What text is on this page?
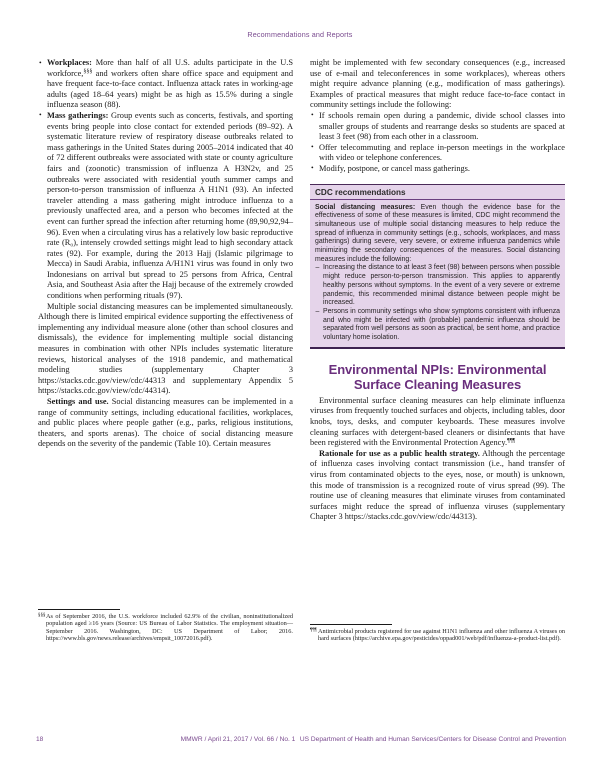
Recommendations and Reports
• Workplaces: More than half of all U.S. adults participate in the U.S workforce,§§§ and workers often share office space and equipment and have frequent face-to-face contact. Influenza attack rates in working-age adults (aged 18–64 years) might be as high as 15.5% during a single influenza season (88).
• Mass gatherings: Group events such as concerts, festivals, and sporting events bring people into close contact for extended periods (89–92). A systematic literature review of respiratory disease outbreaks related to mass gatherings in the United States during 2005–2014 indicated that 40 of 72 different outbreaks were associated with state or county agriculture fairs and (zoonotic) transmission of influenza A H3N2v, and 25 outbreaks were associated with residential youth summer camps and person-to-person transmission of influenza A H1N1 (93). An infected traveler attending a mass gathering might introduce influenza to a previously unaffected area, and a person who becomes infected at the event can further spread the infection after returning home (89,90,92,94–96). Even when a circulating virus has a relatively low basic reproductive rate (R₀), intensely crowded settings might lead to high secondary attack rates (92). For example, during the 2013 Hajj (Islamic pilgrimage to Mecca) in Saudi Arabia, influenza A/H1N1 virus was found in only two Indonesians on arrival but spread to 25 persons from Africa, Central Asia, and Southeast Asia after the Hajj because of the extremely crowded conditions when performing rituals (97).

Multiple social distancing measures can be implemented simultaneously. Although there is limited empirical evidence supporting the effectiveness of implementing any individual measure alone (other than school closures and dismissals), the evidence for implementing multiple social distancing measures in combination with other NPIs includes systematic literature reviews, historical analyses of the 1918 pandemic, and mathematical modeling studies (supplementary Chapter 3 https://stacks.cdc.gov/view/cdc/44313 and supplementary Appendix 5 https://stacks.cdc.gov/view/cdc/44314).

Settings and use. Social distancing measures can be implemented in a range of community settings, including educational facilities, workplaces, and public places where people gather (e.g., parks, religious institutions, theaters, and sports arenas). The choice of social distancing measure depends on the severity of the pandemic (Table 10). Certain measures

§§§ As of September 2016, the U.S. workforce included 62.9% of the civilian, noninstitutionalized population aged ≥16 years (Source: US Bureau of Labor Statistics. The employment situation—September 2016. Washington, DC: US Department of Labor; 2016. https://www.bls.gov/news.release/archives/empsit_10072016.pdf).

might be implemented with few secondary consequences (e.g., increased use of e-mail and teleconferences in some workplaces), whereas others might require advance planning (e.g., modification of mass gatherings). Examples of practical measures that might reduce face-to-face contact in community settings include the following:

• If schools remain open during a pandemic, divide school classes into smaller groups of students and rearrange desks so students are spaced at least 3 feet (98) from each other in a classroom.
• Offer telecommuting and replace in-person meetings in the workplace with video or telephone conferences.
• Modify, postpone, or cancel mass gatherings.
CDC recommendations

Social distancing measures: Even though the evidence base for the effectiveness of some of these measures is limited, CDC might recommend the simultaneous use of multiple social distancing measures to help reduce the spread of influenza in community settings (e.g., schools, workplaces, and mass gatherings) during severe, very severe, or extreme influenza pandemics while minimizing the secondary consequences of the measures. Social distancing measures include the following:

– Increasing the distance to at least 3 feet (98) between persons when possible might reduce person-to-person transmission. This applies to apparently healthy persons without symptoms. In the event of a very severe or extreme pandemic, this recommended minimal distance between people might be increased.
– Persons in community settings who show symptoms consistent with influenza and who might be infected with (probable) pandemic influenza should be separated from well persons as soon as practical, be sent home, and practice voluntary home isolation.
Environmental NPIs: Environmental
Surface Cleaning Measures

Environmental surface cleaning measures can help eliminate influenza viruses from frequently touched surfaces and objects, including tables, door knobs, toys, desks, and computer keyboards. These measures involve cleaning surfaces with detergent-based cleaners or disinfectants that have been registered with the Environmental Protection Agency.¶¶¶

Rationale for use as a public health strategy. Although the percentage of influenza cases involving contact transmission (i.e., hand transfer of virus from contaminated objects to the eyes, nose, or mouth) is unknown, this mode of transmission is a recognized route of virus spread (99). The routine use of cleaning measures that eliminate viruses from contaminated surfaces might reduce the spread of influenza viruses (supplementary Chapter 3 https://stacks.cdc.gov/view/cdc/44313).

¶¶¶ Antimicrobial products registered for use against H1N1 influenza and other influenza A viruses on hard surfaces (https://archive.epa.gov/pesticides/oppad001/web/pdf/influenza-a-product-list.pdf).
18	MMWR / April 21, 2017 / Vol. 66 / No. 1 US Department of Health and Human Services/Centers for Disease Control and Prevention
